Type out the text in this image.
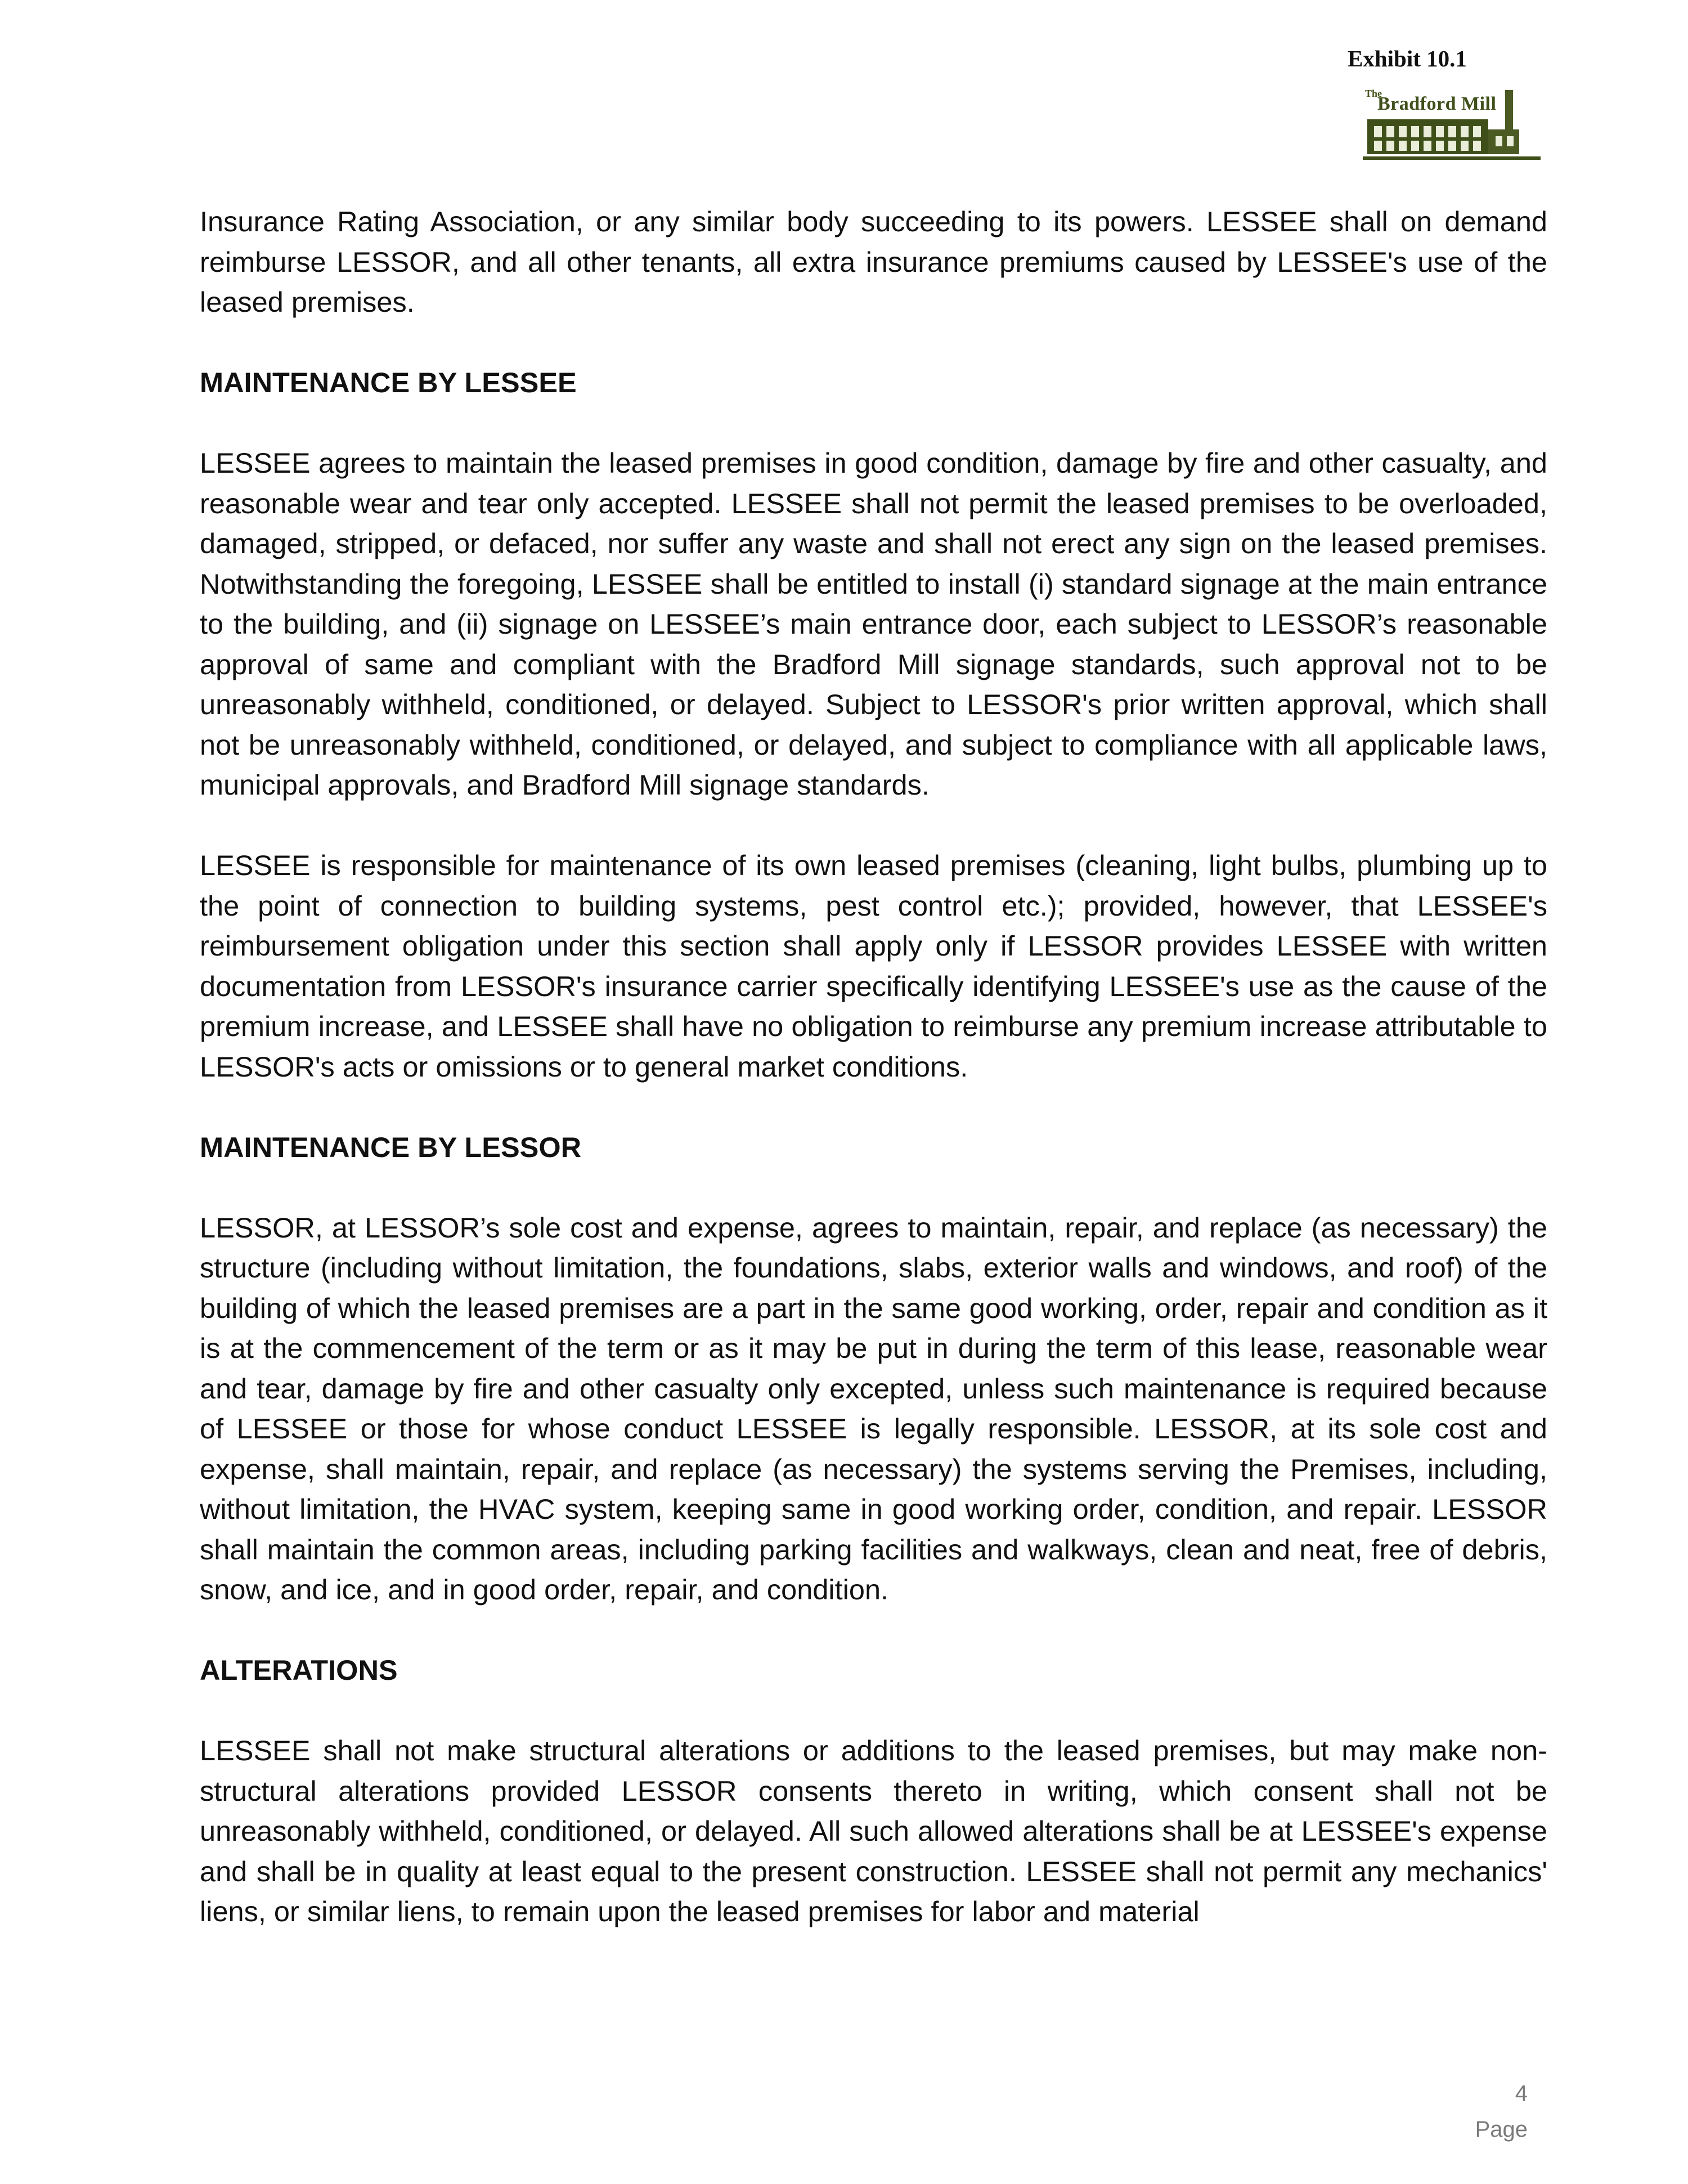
Exhibit 10.1
The
Bradford Mill

Insurance Rating Association, or any similar body succeeding to its powers. LESSEE shall on demand reimburse LESSOR, and all other tenants, all extra insurance premiums caused by LESSEE's use of the leased premises.

MAINTENANCE BY LESSEE

LESSEE agrees to maintain the leased premises in good condition, damage by fire and other casualty, and reasonable wear and tear only accepted. LESSEE shall not permit the leased premises to be overloaded, damaged, stripped, or defaced, nor suffer any waste and shall not erect any sign on the leased premises. Notwithstanding the foregoing, LESSEE shall be entitled to install (i) standard signage at the main entrance to the building, and (ii) signage on LESSEE’s main entrance door, each subject to LESSOR’s reasonable approval of same and compliant with the Bradford Mill signage standards, such approval not to be unreasonably withheld, conditioned, or delayed. Subject to LESSOR's prior written approval, which shall not be unreasonably withheld, conditioned, or delayed, and subject to compliance with all applicable laws, municipal approvals, and Bradford Mill signage standards.

LESSEE is responsible for maintenance of its own leased premises (cleaning, light bulbs, plumbing up to the point of connection to building systems, pest control etc.); provided, however, that LESSEE's reimbursement obligation under this section shall apply only if LESSOR provides LESSEE with written documentation from LESSOR's insurance carrier specifically identifying LESSEE's use as the cause of the premium increase, and LESSEE shall have no obligation to reimburse any premium increase attributable to LESSOR's acts or omissions or to general market conditions.

MAINTENANCE BY LESSOR

LESSOR, at LESSOR’s sole cost and expense, agrees to maintain, repair, and replace (as necessary) the structure (including without limitation, the foundations, slabs, exterior walls and windows, and roof) of the building of which the leased premises are a part in the same good working, order, repair and condition as it is at the commencement of the term or as it may be put in during the term of this lease, reasonable wear and tear, damage by fire and other casualty only excepted, unless such maintenance is required because of LESSEE or those for whose conduct LESSEE is legally responsible. LESSOR, at its sole cost and expense, shall maintain, repair, and replace (as necessary) the systems serving the Premises, including, without limitation, the HVAC system, keeping same in good working order, condition, and repair. LESSOR shall maintain the common areas, including parking facilities and walkways, clean and neat, free of debris, snow, and ice, and in good order, repair, and condition.

ALTERATIONS

LESSEE shall not make structural alterations or additions to the leased premises, but may make non-structural alterations provided LESSOR consents thereto in writing, which consent shall not be unreasonably withheld, conditioned, or delayed. All such allowed alterations shall be at LESSEE's expense and shall be in quality at least equal to the present construction. LESSEE shall not permit any mechanics' liens, or similar liens, to remain upon the leased premises for labor and material

4
Page
